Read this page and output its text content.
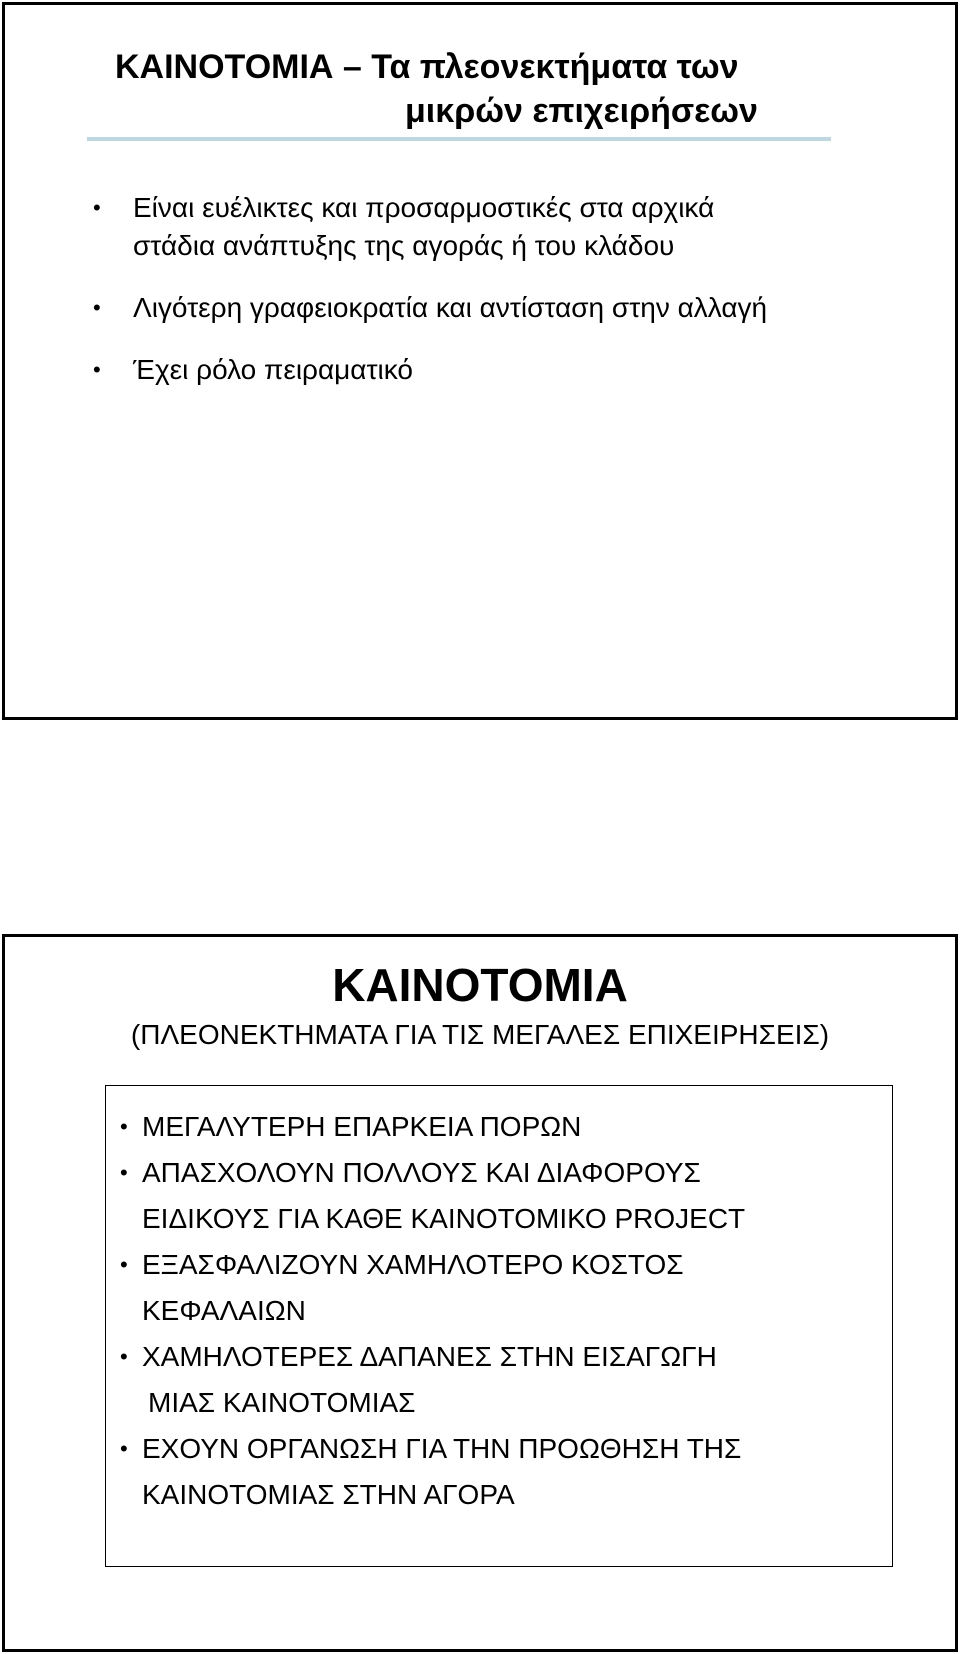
ΚΑΙΝΟΤΟΜΙΑ – Τα πλεονεκτήματα των
μικρών επιχειρήσεων
• Είναι ευέλικτες και προσαρμοστικές στα αρχικά
στάδια ανάπτυξης της αγοράς ή του κλάδου
• Λιγότερη γραφειοκρατία και αντίσταση στην αλλαγή
• Έχει ρόλο πειραματικό
ΚΑΙΝΟΤΟΜΙΑ
(ΠΛΕΟΝΕΚΤΗΜΑΤΑ ΓΙΑ ΤΙΣ ΜΕΓΑΛΕΣ ΕΠΙΧΕΙΡΗΣΕΙΣ)
• ΜΕΓΑΛΥΤΕΡΗ ΕΠΑΡΚΕΙΑ ΠΟΡΩΝ
• ΑΠΑΣΧΟΛΟΥΝ ΠΟΛΛΟΥΣ ΚΑΙ ΔΙΑΦΟΡΟΥΣ
ΕΙΔΙΚΟΥΣ ΓΙΑ ΚΑΘΕ ΚΑΙΝΟΤΟΜΙΚΟ PROJECT
• ΕΞΑΣΦΑΛΙΖΟΥΝ ΧΑΜΗΛΟΤΕΡΟ ΚΟΣΤΟΣ
ΚΕΦΑΛΑΙΩΝ
• ΧΑΜΗΛΟΤΕΡΕΣ ΔΑΠΑΝΕΣ ΣΤΗΝ ΕΙΣΑΓΩΓΗ
ΜΙΑΣ ΚΑΙΝΟΤΟΜΙΑΣ
• ΕΧΟΥΝ ΟΡΓΑΝΩΣΗ ΓΙΑ ΤΗΝ ΠΡΟΩΘΗΣΗ ΤΗΣ
ΚΑΙΝΟΤΟΜΙΑΣ ΣΤΗΝ ΑΓΟΡΑ
